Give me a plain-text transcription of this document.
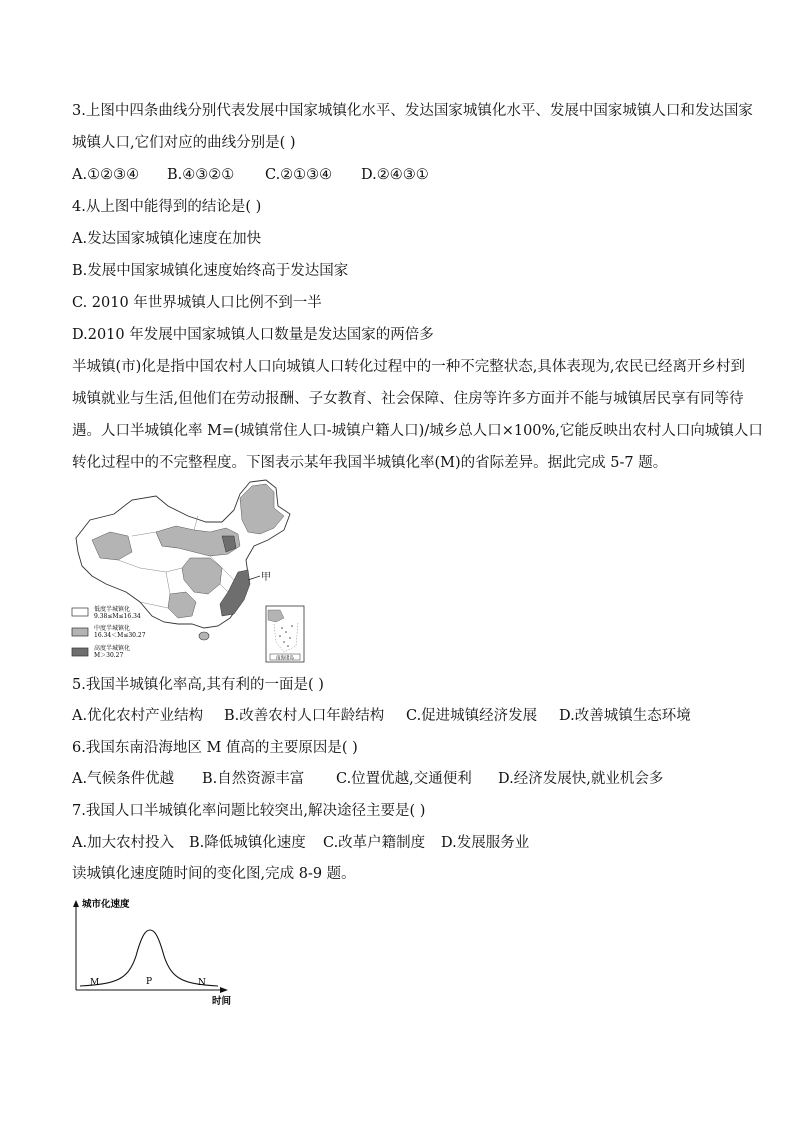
3.上图中四条曲线分别代表发展中国家城镇化水平、发达国家城镇化水平、发展中国家城镇人口和发达国家
城镇人口,它们对应的曲线分别是( )
A.①②③④	B.④③②①	C.②①③④	D.②④③①
4.从上图中能得到的结论是( )
A.发达国家城镇化速度在加快
B.发展中国家城镇化速度始终高于发达国家
C. 2010 年世界城镇人口比例不到一半
D.2010 年发展中国家城镇人口数量是发达国家的两倍多
半城镇(市)化是指中国农村人口向城镇人口转化过程中的一种不完整状态,具体表现为,农民已经离开乡村到
城镇就业与生活,但他们在劳动报酬、子女教育、社会保障、住房等许多方面并不能与城镇居民享有同等待
遇。人口半城镇化率 M=(城镇常住人口-城镇户籍人口)/城乡总人口×100%,它能反映出农村人口向城镇人口
转化过程中的不完整程度。下图表示某年我国半城镇化率(M)的省际差异。据此完成 5-7 题。
甲
低度半城镇化
9.38≤M≤16.34
中度半城镇化
16.34＜M≤30.27
高度半城镇化
M＞30.27	南海诸岛
5.我国半城镇化率高,其有利的一面是( )
A.优化农村产业结构	B.改善农村人口年龄结构	C.促进城镇经济发展	D.改善城镇生态环境
6.我国东南沿海地区 M 值高的主要原因是( )
A.气候条件优越	B.自然资源丰富	C.位置优越,交通便利	D.经济发展快,就业机会多
7.我国人口半城镇化率问题比较突出,解决途径主要是( )
A.加大农村投入	B.降低城镇化速度	C.改革户籍制度	D.发展服务业
读城镇化速度随时间的变化图,完成 8-9 题。
城市化速度
时间
M	P	N
